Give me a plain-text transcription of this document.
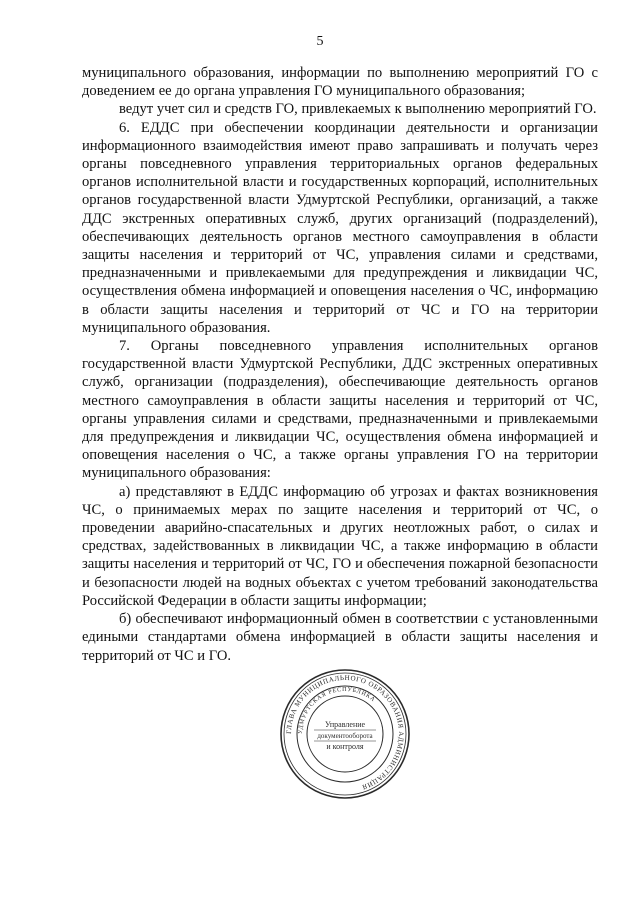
5

муниципального образования, информации по выполнению мероприятий ГО с доведением ее до органа управления ГО муниципального образования;

ведут учет сил и средств ГО, привлекаемых к выполнению мероприятий ГО.

6. ЕДДС при обеспечении координации деятельности и организации информационного взаимодействия имеют право запрашивать и получать через органы повседневного управления территориальных органов федеральных органов исполнительной власти и государственных корпораций, исполнительных органов государственной власти Удмуртской Республики, организаций, а также ДДС экстренных оперативных служб, других организаций (подразделений), обеспечивающих деятельность органов местного самоуправления в области защиты населения и территорий от ЧС, управления силами и средствами, предназначенными и привлекаемыми для предупреждения и ликвидации ЧС, осуществления обмена информацией и оповещения населения о ЧС, информацию в области защиты населения и территорий от ЧС и ГО на территории муниципального образования.

7. Органы повседневного управления исполнительных органов государственной власти Удмуртской Республики, ДДС экстренных оперативных служб, организации (подразделения), обеспечивающие деятельность органов местного самоуправления в области защиты населения и территорий от ЧС, органы управления силами и средствами, предназначенными и привлекаемыми для предупреждения и ликвидации ЧС, осуществления обмена информацией и оповещения населения о ЧС, а также органы управления ГО на территории муниципального образования:

а) представляют в ЕДДС информацию об угрозах и фактах возникновения ЧС, о принимаемых мерах по защите населения и территорий от ЧС, о проведении аварийно-спасательных и других неотложных работ, о силах и средствах, задействованных в ликвидации ЧС, а также информацию в области защиты населения и территорий от ЧС, ГО и обеспечения пожарной безопасности и безопасности людей на водных объектах с учетом требований законодательства Российской Федерации в области защиты информации;

б) обеспечивают информационный обмен в соответствии с установленными едиными стандартами обмена информацией в области защиты населения и территорий от ЧС и ГО.

ГЛАВА МУНИЦИПАЛЬНОГО ОБРАЗОВАНИЯ АДМИНИСТРАЦИЯ
УДМУРТСКАЯ РЕСПУБЛИКА
Управление
документооборота
и контроля
